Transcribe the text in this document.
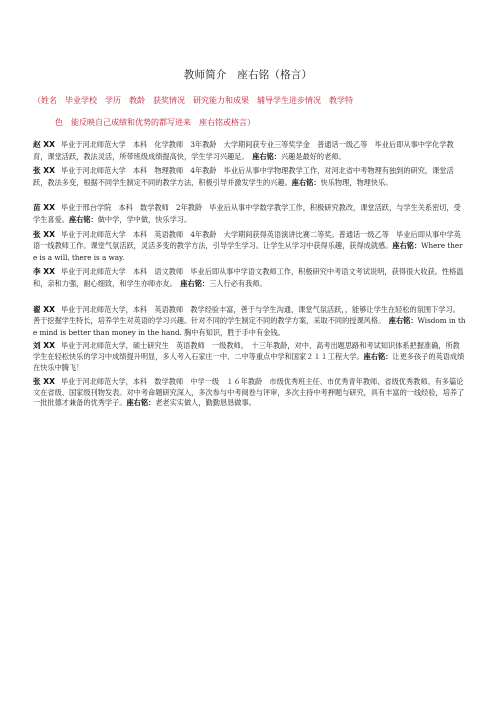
教师简介　座右铭（格言）
（姓名　毕业学校　学历　教龄　获奖情况　研究能力和成果　辅导学生进步情况　教学特
色　能反映自己成绩和优势的都写进来　座右铭或格言）
赵 XX 毕业于河北师范大学　本科　化学教师　3年教龄　大学期间获专业三等奖学金　普通话一级乙等　毕业后即从事中学化学教育，课堂活跃，教法灵活，所带班级成绩提高快，学生学习兴趣足。　座右铭：兴趣是最好的老师。
张 XX 毕业于河北师范大学　本科　物理教师　4年教龄　毕业后从事中学物理教学工作，对河北省中考物理有独到的研究，课堂活跃，教法多变，根据不同学生制定不同的教学方法，积极引导并激发学生的兴趣。座右铭：快乐物理，物理快乐。
苗 XX 毕业于邢台学院　本科　数学教师　2年教龄　毕业后从事中学数学教学工作，积极研究教改，课堂活跃，与学生关系密切，受学生喜爱。座右铭：做中学，学中做，快乐学习。
张 XX 毕业于河北师范大学　本科　英语教师　4年教龄　大学期间获得英语演讲比赛二等奖。普通话一级乙等　毕业后即从事中学英语一线教师工作。课堂气氛活跃，灵活多变的教学方法，引导学生学习。让学生从学习中获得乐趣，获得成就感。座右铭：Where there is a will, there is a way.
李 XX 毕业于河北师范大学　本科　语文教师　毕业后即从事中学语文教师工作，积极研究中考语文考试说明，获得很大收获。性格温和，亲和力强，耐心细致，和学生亦师亦友。　座右铭：三人行必有我师。
翟 XX 毕业于河北师范大学，本科　英语教师　教学经验丰富，善于与学生沟通，课堂气氛活跃，，能够让学生在轻松的氛围下学习。善于挖掘学生特长，培养学生对英语的学习兴趣。针对不同的学生制定不同的教学方案，采取不同的授课风格。　座右铭：Wisdom in the mind is better than money in the hand. 胸中有知识，胜于手中有金钱。
刘 XX 毕业于河北师范大学，硕士研究生　英语教师　一级教师。　十三年教龄，对中、高考出题思路和考试知识体系把握准确，所教学生在轻松快乐的学习中成绩提升明显，多人考入石家庄一中、二中等重点中学和国家２１１工程大学。座右铭：让更多孩子的英语成绩在快乐中腾飞！
张 XX 毕业于河北师范大学，本科　数学教师　中学一级　１６年教龄　市级优秀班主任、市优秀青年教师、省级优秀教师。有多篇论文在省级、国家级刊物发表。对中考命题研究深入，多次参与中考阅卷与评审，多次主持中考押题与研究，具有丰富的一线经验，培养了一批批德才兼备的优秀学子。座右铭：老老实实做人，勤勤恳恳做事。
